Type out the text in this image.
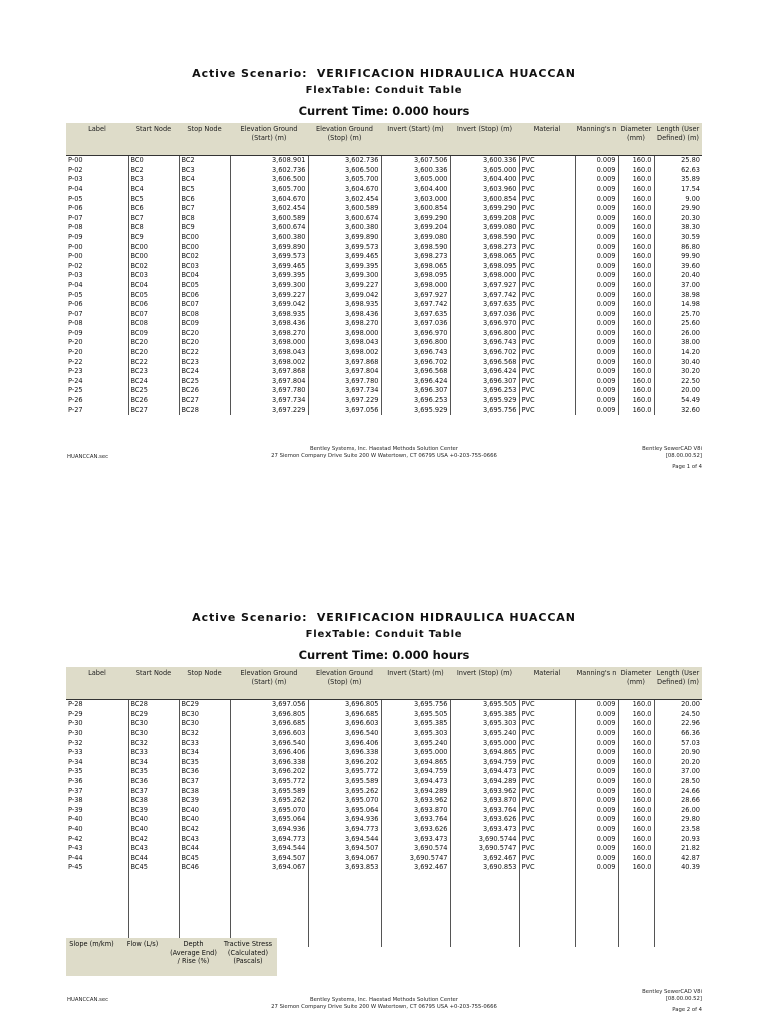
Active Scenario: VERIFICACION HIDRAULICA HUACCAN
FlexTable: Conduit Table
Current Time: 0.000 hours
Label	Start Node	Stop Node	Elevation Ground (Start) (m)	Elevation Ground (Stop) (m)	Invert (Start) (m)	Invert (Stop) (m)	Material	Manning's n	Diameter (mm)	Length (User Defined) (m)
P-00	BC0	BC2	3,608.901	3,602.736	3,607.506	3,600.336	PVC	0.009	160.0	25.80
P-02	BC2	BC3	3,602.736	3,606.500	3,600.336	3,605.000	PVC	0.009	160.0	62.63
P-03	BC3	BC4	3,606.500	3,605.700	3,605.000	3,604.400	PVC	0.009	160.0	35.89
P-04	BC4	BC5	3,605.700	3,604.670	3,604.400	3,603.960	PVC	0.009	160.0	17.54
P-05	BC5	BC6	3,604.670	3,602.454	3,603.000	3,600.854	PVC	0.009	160.0	9.00
P-06	BC6	BC7	3,602.454	3,600.589	3,600.854	3,699.290	PVC	0.009	160.0	29.90
P-07	BC7	BC8	3,600.589	3,600.674	3,699.290	3,699.208	PVC	0.009	160.0	20.30
P-08	BC8	BC9	3,600.674	3,600.380	3,699.204	3,699.080	PVC	0.009	160.0	38.30
P-09	BC9	BC00	3,600.380	3,699.890	3,699.080	3,698.590	PVC	0.009	160.0	30.59
P-00	BC00	BC00	3,699.890	3,699.573	3,698.590	3,698.273	PVC	0.009	160.0	86.80
P-00	BC00	BC02	3,699.573	3,699.465	3,698.273	3,698.065	PVC	0.009	160.0	99.90
P-02	BC02	BC03	3,699.465	3,699.395	3,698.065	3,698.095	PVC	0.009	160.0	39.60
P-03	BC03	BC04	3,699.395	3,699.300	3,698.095	3,698.000	PVC	0.009	160.0	20.40
P-04	BC04	BC05	3,699.300	3,699.227	3,698.000	3,697.927	PVC	0.009	160.0	37.00
P-05	BC05	BC06	3,699.227	3,699.042	3,697.927	3,697.742	PVC	0.009	160.0	38.98
P-06	BC06	BC07	3,699.042	3,698.935	3,697.742	3,697.635	PVC	0.009	160.0	14.98
P-07	BC07	BC08	3,698.935	3,698.436	3,697.635	3,697.036	PVC	0.009	160.0	25.70
P-08	BC08	BC09	3,698.436	3,698.270	3,697.036	3,696.970	PVC	0.009	160.0	25.60
P-09	BC09	BC20	3,698.270	3,698.000	3,696.970	3,696.800	PVC	0.009	160.0	26.00
P-20	BC20	BC20	3,698.000	3,698.043	3,696.800	3,696.743	PVC	0.009	160.0	38.00
P-20	BC20	BC22	3,698.043	3,698.002	3,696.743	3,696.702	PVC	0.009	160.0	14.20
P-22	BC22	BC23	3,698.002	3,697.868	3,696.702	3,696.568	PVC	0.009	160.0	30.40
P-23	BC23	BC24	3,697.868	3,697.804	3,696.568	3,696.424	PVC	0.009	160.0	30.20
P-24	BC24	BC25	3,697.804	3,697.780	3,696.424	3,696.307	PVC	0.009	160.0	22.50
P-25	BC25	BC26	3,697.780	3,697.734	3,696.307	3,696.253	PVC	0.009	160.0	20.00
P-26	BC26	BC27	3,697.734	3,697.229	3,696.253	3,695.929	PVC	0.009	160.0	54.49
P-27	BC27	BC28	3,697.229	3,697.056	3,695.929	3,695.756	PVC	0.009	160.0	32.60
Bentley SewerCAD V8i
[08.00.00.52]
HUANCCAN.sec
Bentley Systems, Inc. Haestad Methods Solution Center
27 Siemon Company Drive Suite 200 W Watertown, CT 06795 USA +0-203-755-0666
Page 1 of 4
Active Scenario: VERIFICACION HIDRAULICA HUACCAN
FlexTable: Conduit Table
Current Time: 0.000 hours
Label	Start Node	Stop Node	Elevation Ground (Start) (m)	Elevation Ground (Stop) (m)	Invert (Start) (m)	Invert (Stop) (m)	Material	Manning's n	Diameter (mm)	Length (User Defined) (m)
P-28	BC28	BC29	3,697.056	3,696.805	3,695.756	3,695.505	PVC	0.009	160.0	20.00
P-29	BC29	BC30	3,696.805	3,696.685	3,695.505	3,695.385	PVC	0.009	160.0	24.50
P-30	BC30	BC30	3,696.685	3,696.603	3,695.385	3,695.303	PVC	0.009	160.0	22.96
P-30	BC30	BC32	3,696.603	3,696.540	3,695.303	3,695.240	PVC	0.009	160.0	66.36
P-32	BC32	BC33	3,696.540	3,696.406	3,695.240	3,695.000	PVC	0.009	160.0	57.03
P-33	BC33	BC34	3,696.406	3,696.338	3,695.000	3,694.865	PVC	0.009	160.0	20.90
P-34	BC34	BC35	3,696.338	3,696.202	3,694.865	3,694.759	PVC	0.009	160.0	20.20
P-35	BC35	BC36	3,696.202	3,695.772	3,694.759	3,694.473	PVC	0.009	160.0	37.00
P-36	BC36	BC37	3,695.772	3,695.589	3,694.473	3,694.289	PVC	0.009	160.0	28.50
P-37	BC37	BC38	3,695.589	3,695.262	3,694.289	3,693.962	PVC	0.009	160.0	24.66
P-38	BC38	BC39	3,695.262	3,695.070	3,693.962	3,693.870	PVC	0.009	160.0	28.66
P-39	BC39	BC40	3,695.070	3,695.064	3,693.870	3,693.764	PVC	0.009	160.0	26.00
P-40	BC40	BC40	3,695.064	3,694.936	3,693.764	3,693.626	PVC	0.009	160.0	29.80
P-40	BC40	BC42	3,694.936	3,694.773	3,693.626	3,693.473	PVC	0.009	160.0	23.58
P-42	BC42	BC43	3,694.773	3,694.544	3,693.473	3,690.5744	PVC	0.009	160.0	20.93
P-43	BC43	BC44	3,694.544	3,694.507	3,690.574	3,690.5747	PVC	0.009	160.0	21.82
P-44	BC44	BC45	3,694.507	3,694.067	3,690.5747	3,692.467	PVC	0.009	160.0	42.87
P-45	BC45	BC46	3,694.067	3,693.853	3,692.467	3,690.853	PVC	0.009	160.0	40.39

Slope (m/km)	Flow (L/s)	Depth (Average End) / Rise (%)	Tractive Stress (Calculated) (Pascals)
Bentley SewerCAD V8i
[08.00.00.52]
HUANCCAN.sec	Bentley Systems, Inc. Haestad Methods Solution Center
27 Siemon Company Drive Suite 200 W Watertown, CT 06795 USA +0-203-755-0666	Page 2 of 4
